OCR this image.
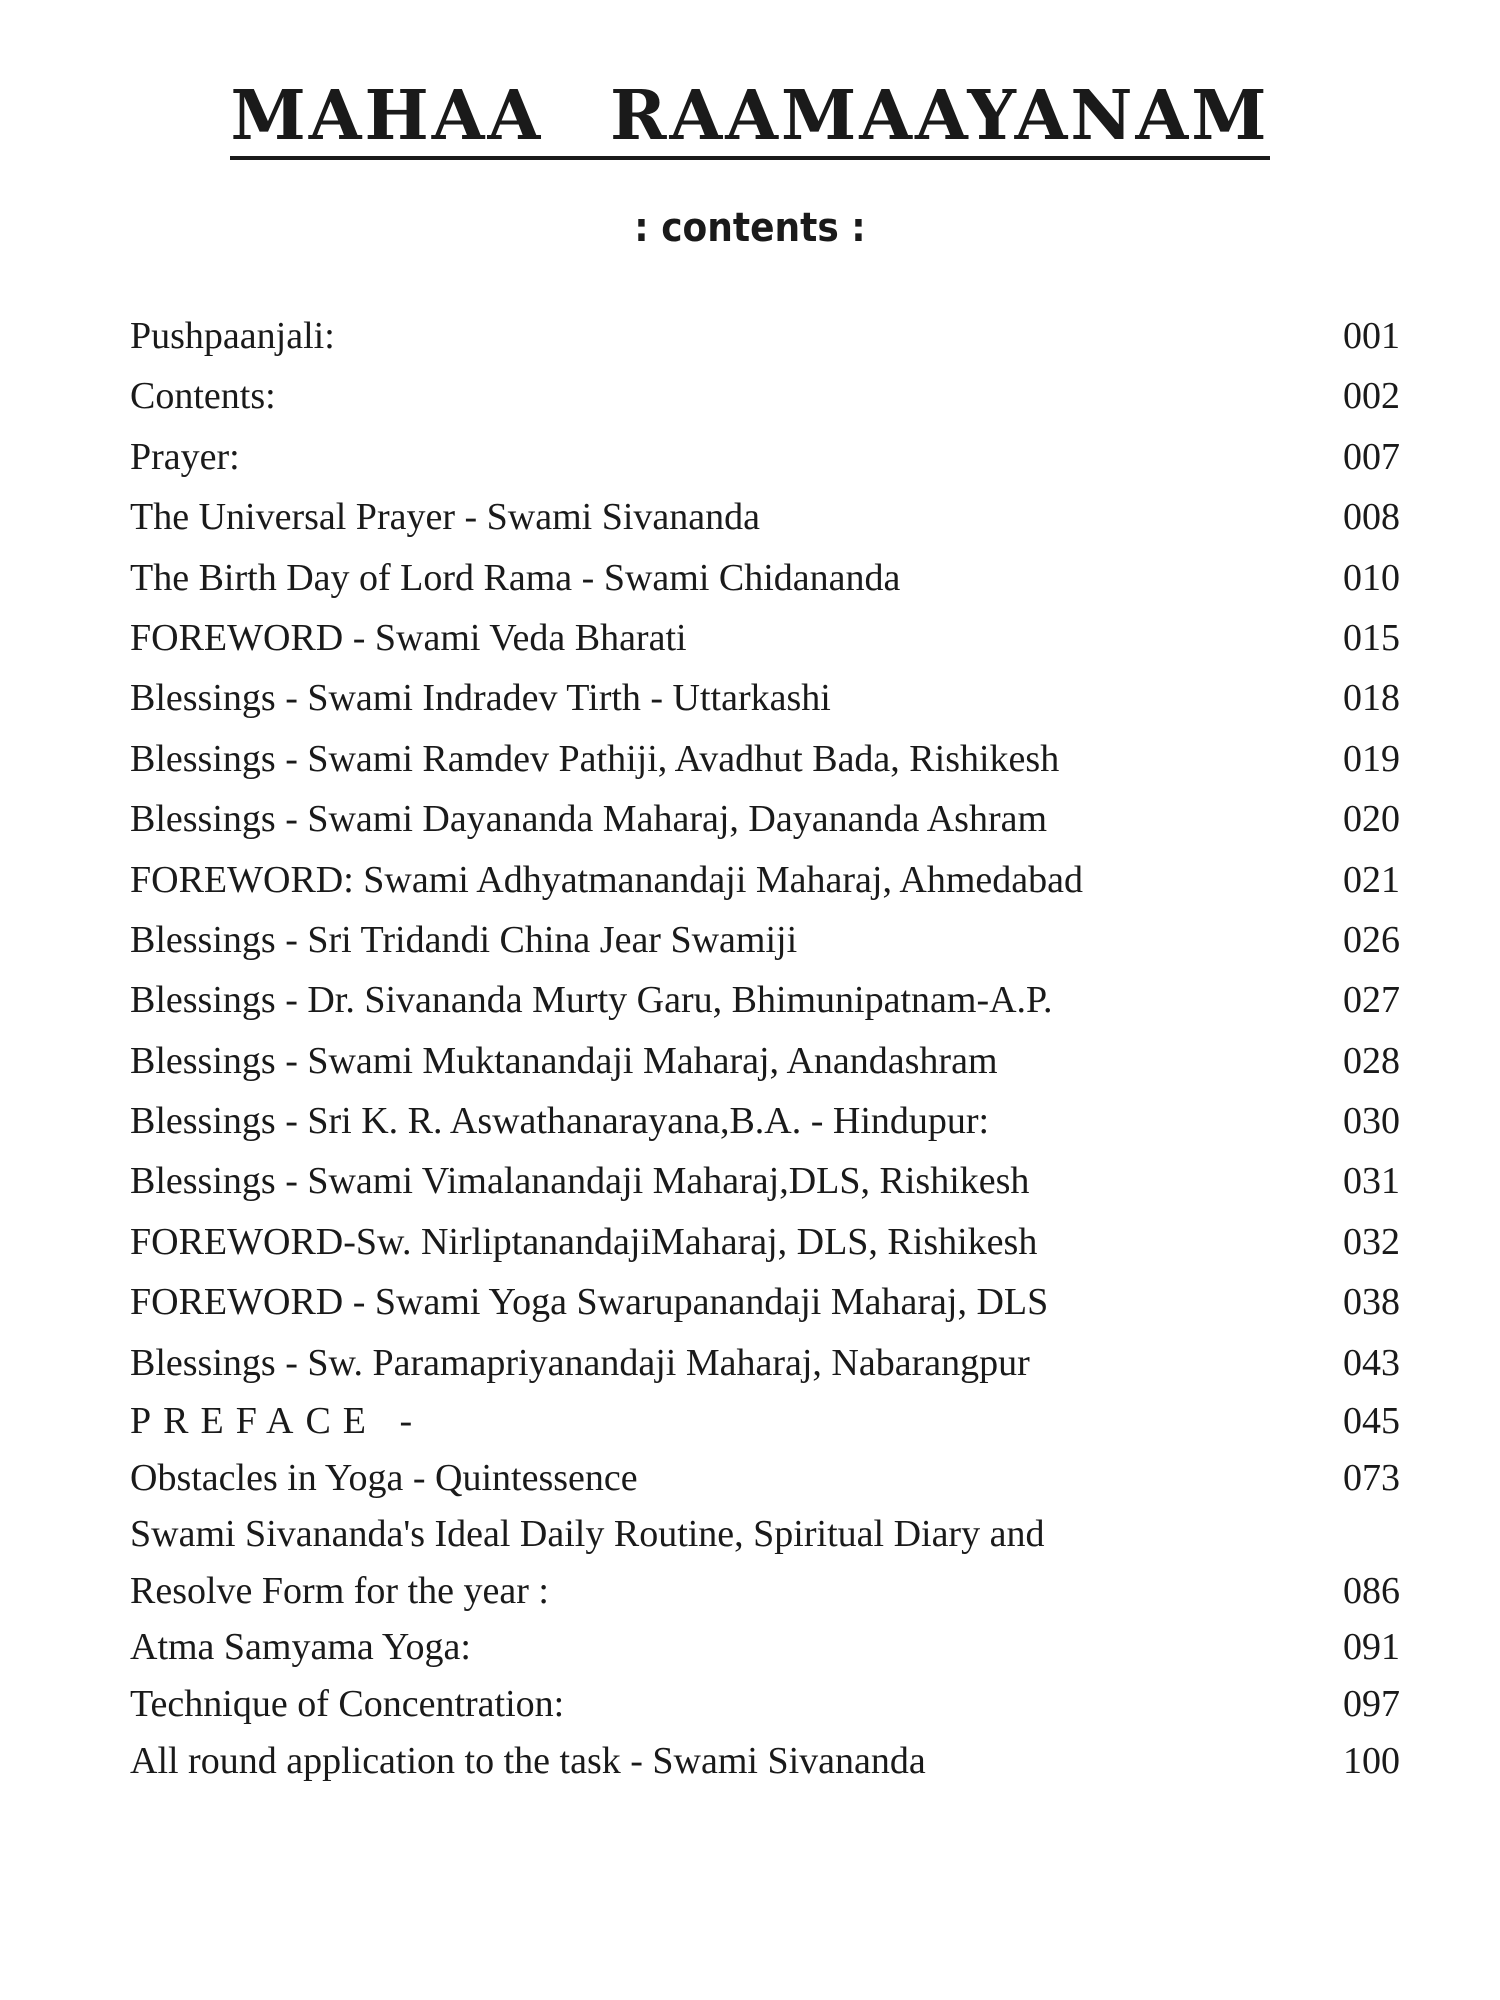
MAHAA RAAMAAYANAM
: contents :
Pushpaanjali:	001
Contents:	002
Prayer:	007
The Universal Prayer - Swami Sivananda	008
The Birth Day of Lord Rama - Swami Chidananda	010
FOREWORD - Swami Veda Bharati	015
Blessings - Swami Indradev Tirth - Uttarkashi	018
Blessings - Swami Ramdev Pathiji, Avadhut Bada, Rishikesh	019
Blessings - Swami Dayananda Maharaj, Dayananda Ashram	020
FOREWORD: Swami Adhyatmanandaji Maharaj, Ahmedabad	021
Blessings - Sri Tridandi China Jear Swamiji	026
Blessings - Dr. Sivananda Murty Garu, Bhimunipatnam-A.P.	027
Blessings - Swami Muktanandaji Maharaj, Anandashram	028
Blessings - Sri K. R. Aswathanarayana,B.A. - Hindupur:	030
Blessings - Swami Vimalanandaji Maharaj,DLS, Rishikesh	031
FOREWORD-Sw. NirliptanandajiMaharaj, DLS, Rishikesh	032
FOREWORD - Swami Yoga Swarupanandaji Maharaj, DLS	038
Blessings - Sw. Paramapriyanandaji Maharaj, Nabarangpur	043
PREFACE -	045
Obstacles in Yoga - Quintessence	073
Swami Sivananda's Ideal Daily Routine, Spiritual Diary and
Resolve Form for the year :	086
Atma Samyama Yoga:	091
Technique of Concentration:	097
All round application to the task - Swami Sivananda	100
